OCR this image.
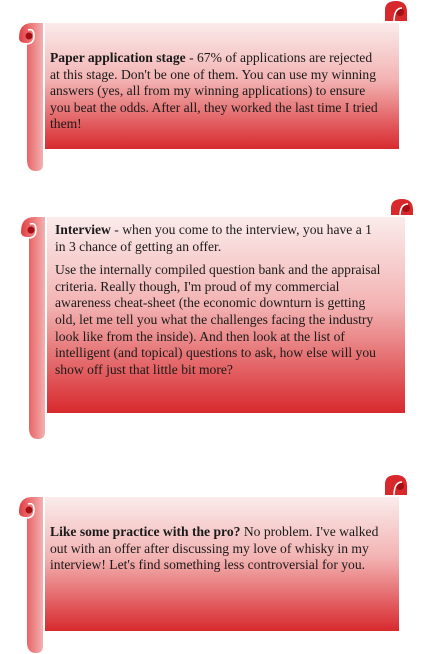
Paper application stage - 67% of applications are rejected at this stage. Don't be one of them. You can use my winning answers (yes, all from my winning applications) to ensure you beat the odds. After all, they worked the last time I tried them!

Interview - when you come to the interview, you have a 1 in 3 chance of getting an offer.

Use the internally compiled question bank and the appraisal criteria. Really though, I'm proud of my commercial awareness cheat-sheet (the economic downturn is getting old, let me tell you what the challenges facing the industry look like from the inside). And then look at the list of intelligent (and topical) questions to ask, how else will you show off just that little bit more?

Like some practice with the pro? No problem. I've walked out with an offer after discussing my love of whisky in my interview! Let's find something less controversial for you.
